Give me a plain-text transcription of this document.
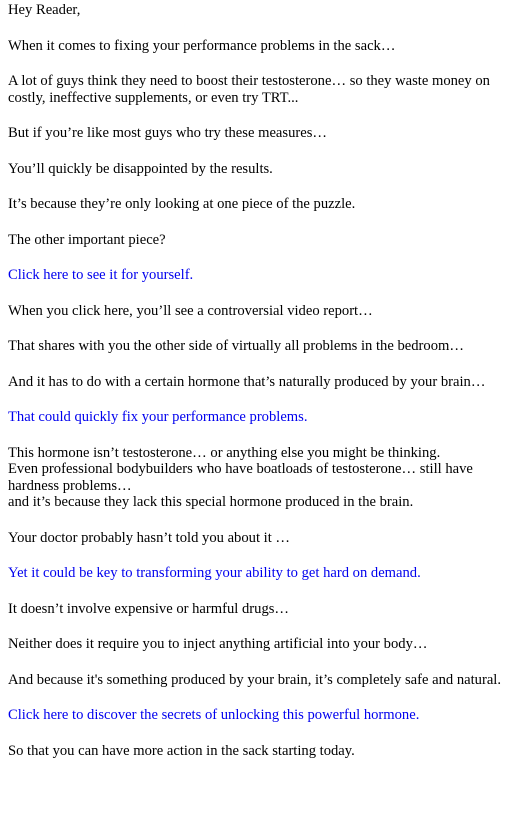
Hey Reader,
When it comes to fixing your performance problems in the sack…
A lot of guys think they need to boost their testosterone… so they waste money on costly, ineffective supplements, or even try TRT...
But if you’re like most guys who try these measures…
You’ll quickly be disappointed by the results.
It’s because they’re only looking at one piece of the puzzle.
The other important piece?
Click here to see it for yourself.
When you click here, you’ll see a controversial video report…
That shares with you the other side of virtually all problems in the bedroom…
And it has to do with a certain hormone that’s naturally produced by your brain…
That could quickly fix your performance problems.
This hormone isn’t testosterone… or anything else you might be thinking.
Even professional bodybuilders who have boatloads of testosterone… still have hardness problems…
and it’s because they lack this special hormone produced in the brain.
Your doctor probably hasn’t told you about it …
Yet it could be key to transforming your ability to get hard on demand.
It doesn’t involve expensive or harmful drugs…
Neither does it require you to inject anything artificial into your body…
And because it's something produced by your brain, it’s completely safe and natural.
Click here to discover the secrets of unlocking this powerful hormone.
So that you can have more action in the sack starting today.
